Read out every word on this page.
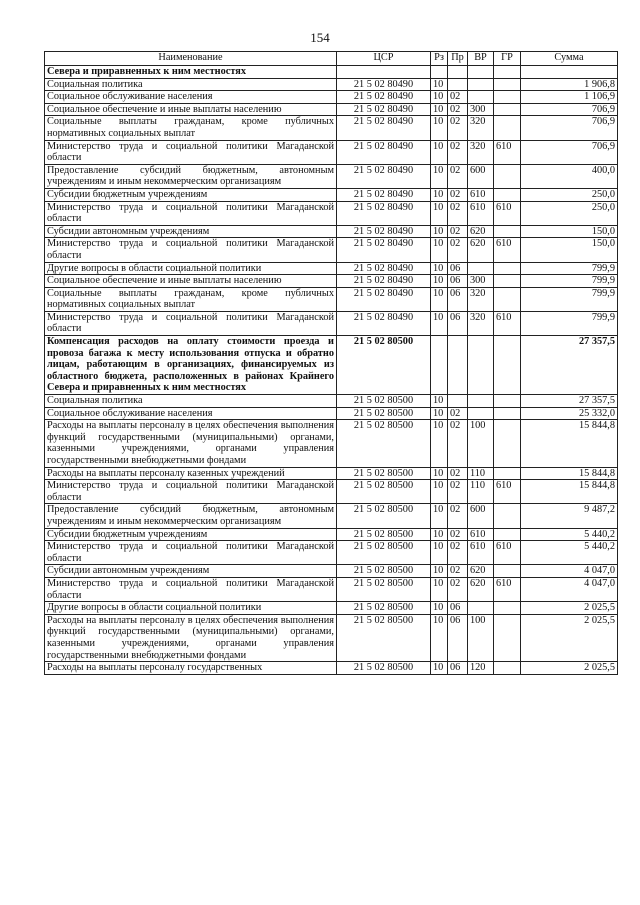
154
Наименование	ЦСР	Рз	Пр	ВР	ГР	Сумма
Севера и приравненных к ним местностях						
Социальная политика	21 5 02 80490	10				1 906,8
Социальное обслуживание населения	21 5 02 80490	10	02			1 106,9
Социальное обеспечение и иные выплаты населению	21 5 02 80490	10	02	300		706,9
Социальные выплаты гражданам, кроме публичных нормативных социальных выплат	21 5 02 80490	10	02	320		706,9
Министерство труда и социальной политики Магаданской области	21 5 02 80490	10	02	320	610	706,9
Предоставление субсидий бюджетным, автономным учреждениям и иным некоммерческим организациям	21 5 02 80490	10	02	600		400,0
Субсидии бюджетным учреждениям	21 5 02 80490	10	02	610		250,0
Министерство труда и социальной политики Магаданской области	21 5 02 80490	10	02	610	610	250,0
Субсидии автономным учреждениям	21 5 02 80490	10	02	620		150,0
Министерство труда и социальной политики Магаданской области	21 5 02 80490	10	02	620	610	150,0
Другие вопросы в области социальной политики	21 5 02 80490	10	06			799,9
Социальное обеспечение и иные выплаты населению	21 5 02 80490	10	06	300		799,9
Социальные выплаты гражданам, кроме публичных нормативных социальных выплат	21 5 02 80490	10	06	320		799,9
Министерство труда и социальной политики Магаданской области	21 5 02 80490	10	06	320	610	799,9
Компенсация расходов на оплату стоимости проезда и провоза багажа к месту использования отпуска и обратно лицам, работающим в организациях, финансируемых из областного бюджета, расположенных в районах Крайнего Севера и приравненных к ним местностях	21 5 02 80500					27 357,5
Социальная политика	21 5 02 80500	10				27 357,5
Социальное обслуживание населения	21 5 02 80500	10	02			25 332,0
Расходы на выплаты персоналу в целях обеспечения выполнения функций государственными (муниципальными) органами, казенными учреждениями, органами управления государственными внебюджетными фондами	21 5 02 80500	10	02	100		15 844,8
Расходы на выплаты персоналу казенных учреждений	21 5 02 80500	10	02	110		15 844,8
Министерство труда и социальной политики Магаданской области	21 5 02 80500	10	02	110	610	15 844,8
Предоставление субсидий бюджетным, автономным учреждениям и иным некоммерческим организациям	21 5 02 80500	10	02	600		9 487,2
Субсидии бюджетным учреждениям	21 5 02 80500	10	02	610		5 440,2
Министерство труда и социальной политики Магаданской области	21 5 02 80500	10	02	610	610	5 440,2
Субсидии автономным учреждениям	21 5 02 80500	10	02	620		4 047,0
Министерство труда и социальной политики Магаданской области	21 5 02 80500	10	02	620	610	4 047,0
Другие вопросы в области социальной политики	21 5 02 80500	10	06			2 025,5
Расходы на выплаты персоналу в целях обеспечения выполнения функций государственными (муниципальными) органами, казенными учреждениями, органами управления государственными внебюджетными фондами	21 5 02 80500	10	06	100		2 025,5
Расходы на выплаты персоналу государственных	21 5 02 80500	10	06	120		2 025,5
